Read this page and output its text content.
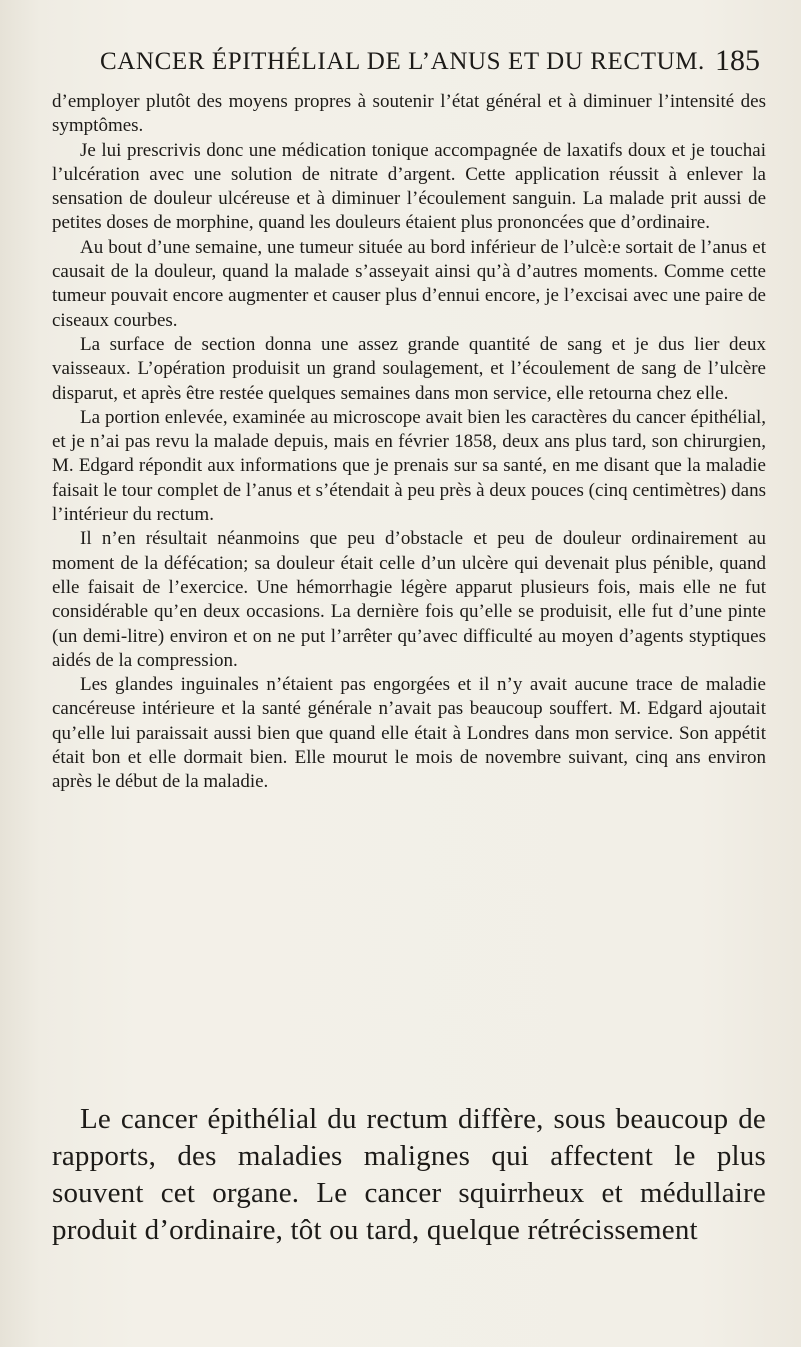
CANCER ÉPITHÉLIAL DE L’ANUS ET DU RECTUM. 185

d’employer plutôt des moyens propres à soutenir l’état général et à diminuer l’intensité des symptômes.

Je lui prescrivis donc une médication tonique accompagnée de laxatifs doux et je touchai l’ulcération avec une solution de nitrate d’argent. Cette application réussit à enlever la sensation de douleur ulcéreuse et à diminuer l’écoulement sanguin. La malade prit aussi de petites doses de morphine, quand les douleurs étaient plus prononcées que d’ordinaire.

Au bout d’une semaine, une tumeur située au bord inférieur de l’ulcè:e sortait de l’anus et causait de la douleur, quand la malade s’asseyait ainsi qu’à d’autres moments. Comme cette tumeur pouvait encore augmenter et causer plus d’ennui encore, je l’excisai avec une paire de ciseaux courbes.

La surface de section donna une assez grande quantité de sang et je dus lier deux vaisseaux. L’opération produisit un grand soulagement, et l’écoulement de sang de l’ulcère disparut, et après être restée quelques semaines dans mon service, elle retourna chez elle.

La portion enlevée, examinée au microscope avait bien les caractères du cancer épithélial, et je n’ai pas revu la malade depuis, mais en février 1858, deux ans plus tard, son chirurgien, M. Edgard répondit aux informations que je prenais sur sa santé, en me disant que la maladie faisait le tour complet de l’anus et s’étendait à peu près à deux pouces (cinq centimètres) dans l’intérieur du rectum.

Il n’en résultait néanmoins que peu d’obstacle et peu de douleur ordinairement au moment de la défécation; sa douleur était celle d’un ulcère qui devenait plus pénible, quand elle faisait de l’exercice. Une hémorrhagie légère apparut plusieurs fois, mais elle ne fut considérable qu’en deux occasions. La dernière fois qu’elle se produisit, elle fut d’une pinte (un demi-litre) environ et on ne put l’arrêter qu’avec difficulté au moyen d’agents styptiques aidés de la compression.

Les glandes inguinales n’étaient pas engorgées et il n’y avait aucune trace de maladie cancéreuse intérieure et la santé générale n’avait pas beaucoup souffert. M. Edgard ajoutait qu’elle lui paraissait aussi bien que quand elle était à Londres dans mon service. Son appétit était bon et elle dormait bien. Elle mourut le mois de novembre suivant, cinq ans environ après le début de la maladie.

Le cancer épithélial du rectum diffère, sous beaucoup de rapports, des maladies malignes qui affectent le plus souvent cet organe. Le cancer squirrheux et médullaire produit d’ordinaire, tôt ou tard, quelque rétrécissement
